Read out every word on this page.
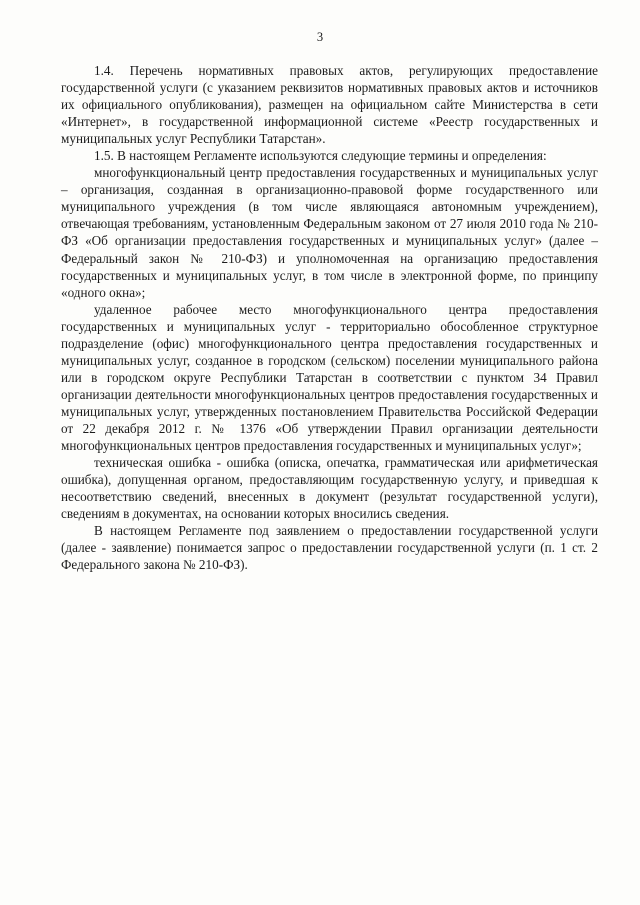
3

1.4. Перечень нормативных правовых актов, регулирующих предоставление государственной услуги (с указанием реквизитов нормативных правовых актов и источников их официального опубликования), размещен на официальном сайте Министерства в сети «Интернет», в государственной информационной системе «Реестр государственных и муниципальных услуг Республики Татарстан».

1.5. В настоящем Регламенте используются следующие термины и определения:

многофункциональный центр предоставления государственных и муниципальных услуг – организация, созданная в организационно-правовой форме государственного или муниципального учреждения (в том числе являющаяся автономным учреждением), отвечающая требованиям, установленным Федеральным законом от 27 июля 2010 года № 210-ФЗ «Об организации предоставления государственных и муниципальных услуг» (далее – Федеральный закон № 210-ФЗ) и уполномоченная на организацию предоставления государственных и муниципальных услуг, в том числе в электронной форме, по принципу «одного окна»;

удаленное рабочее место многофункционального центра предоставления государственных и муниципальных услуг - территориально обособленное структурное подразделение (офис) многофункционального центра предоставления государственных и муниципальных услуг, созданное в городском (сельском) поселении муниципального района или в городском округе Республики Татарстан в соответствии с пунктом 34 Правил организации деятельности многофункциональных центров предоставления государственных и муниципальных услуг, утвержденных постановлением Правительства Российской Федерации от 22 декабря 2012 г. № 1376 «Об утверждении Правил организации деятельности многофункциональных центров предоставления государственных и муниципальных услуг»;

техническая ошибка - ошибка (описка, опечатка, грамматическая или арифметическая ошибка), допущенная органом, предоставляющим государственную услугу, и приведшая к несоответствию сведений, внесенных в документ (результат государственной услуги), сведениям в документах, на основании которых вносились сведения.

В настоящем Регламенте под заявлением о предоставлении государственной услуги (далее - заявление) понимается запрос о предоставлении государственной услуги (п. 1 ст. 2 Федерального закона № 210-ФЗ).
